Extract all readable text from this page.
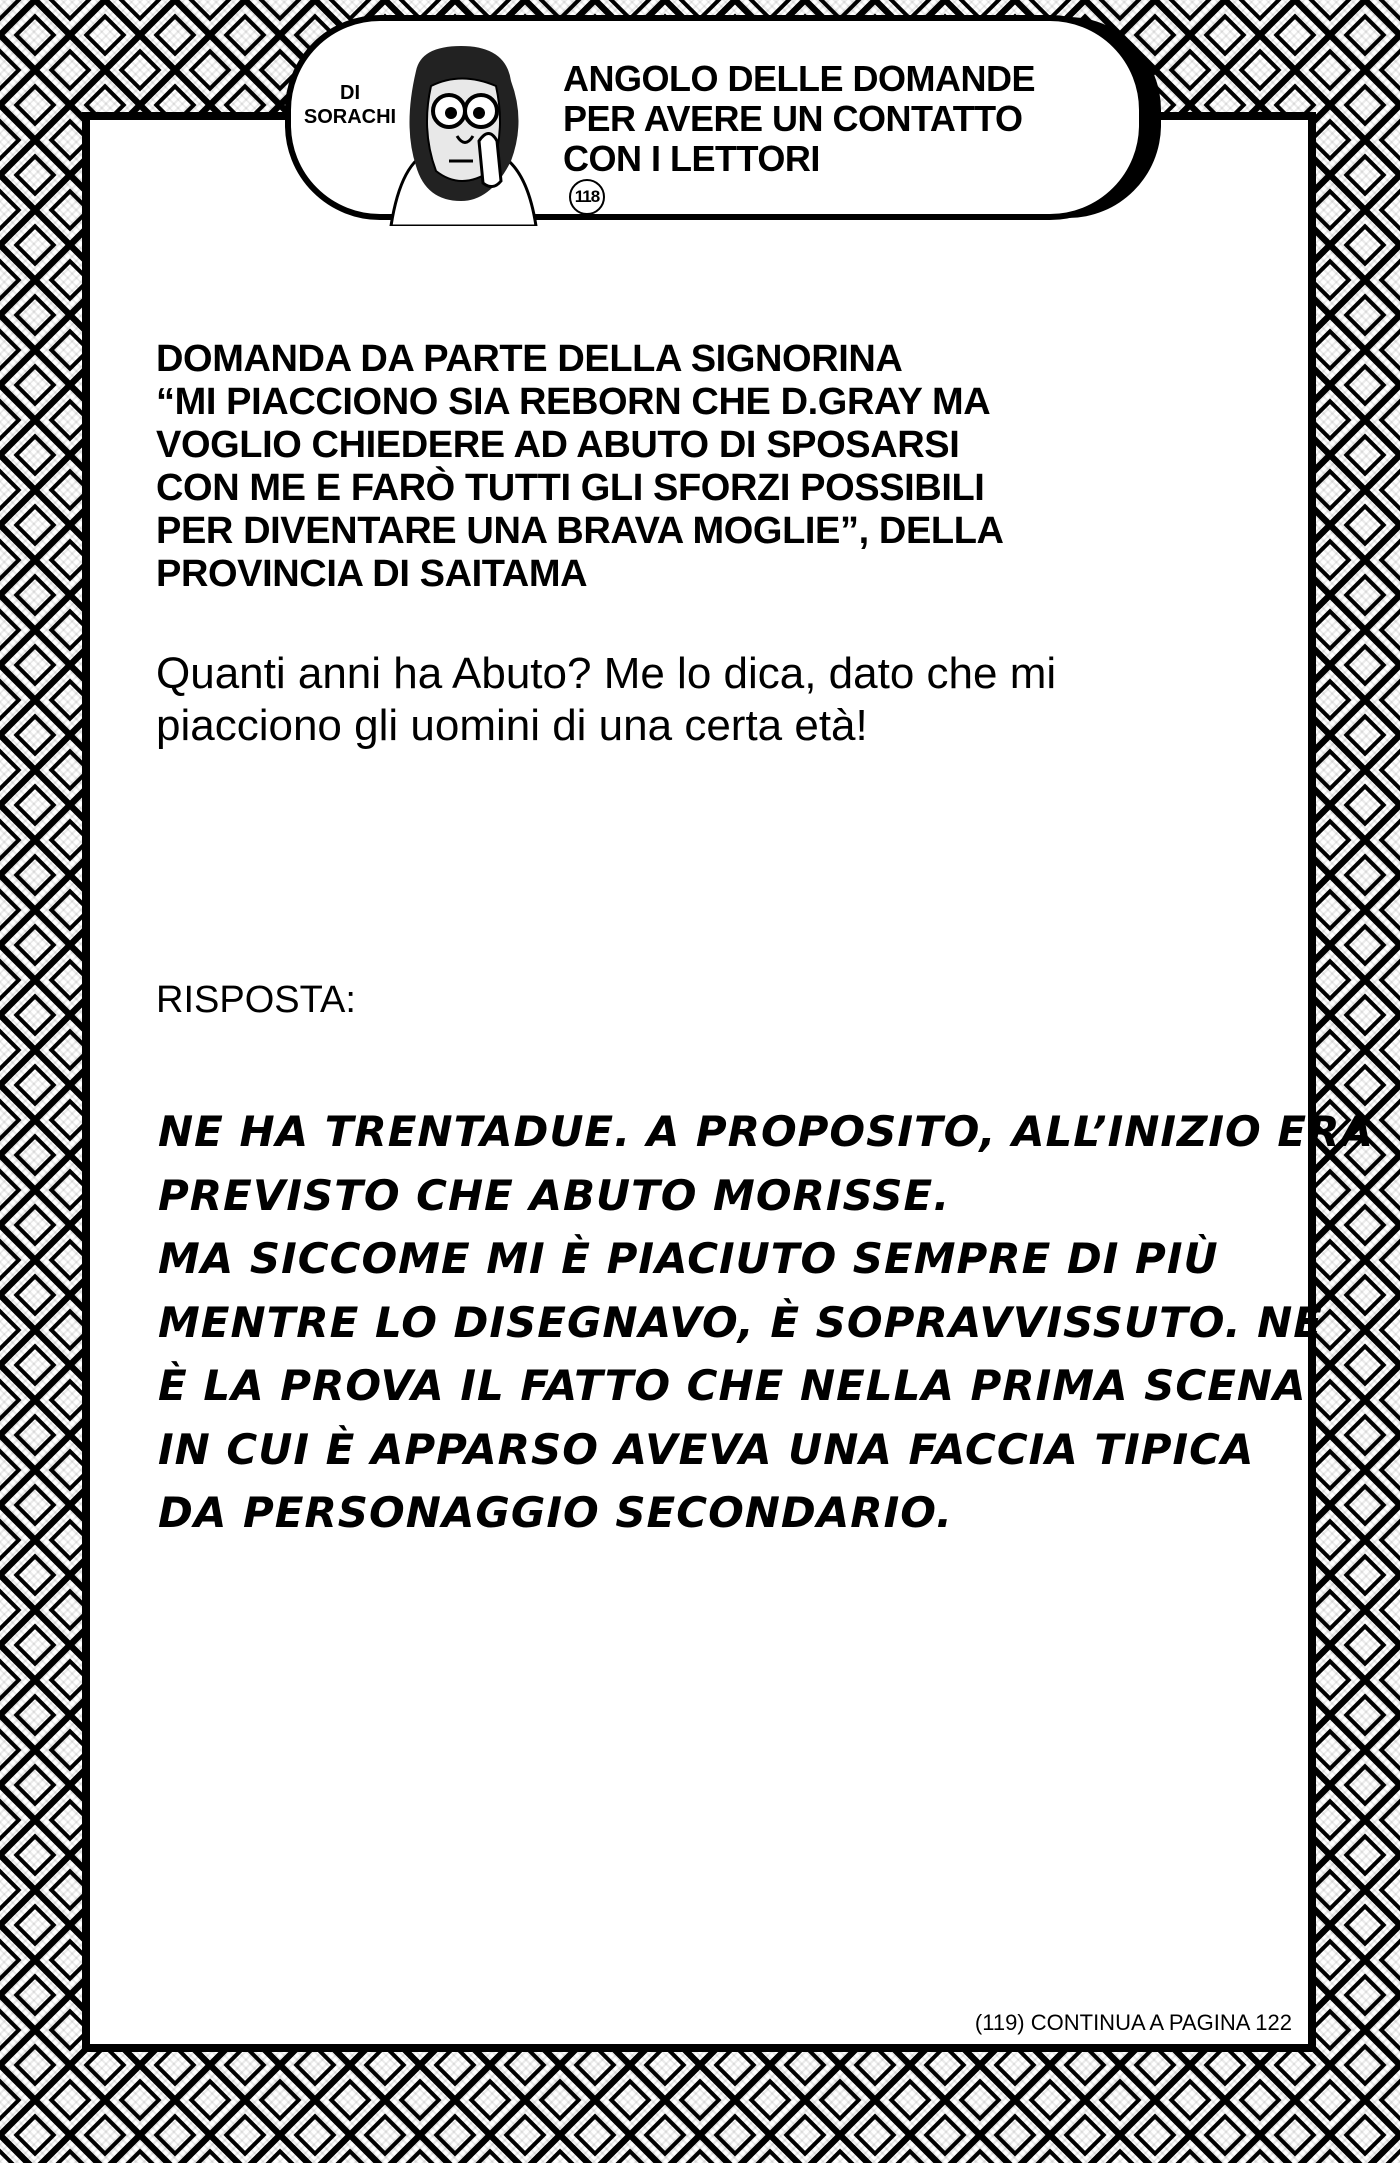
DI
SORACHI
ANGOLO DELLE DOMANDE
PER AVERE UN CONTATTO
CON I LETTORI
118
DOMANDA DA PARTE DELLA SIGNORINA
“MI PIACCIONO SIA REBORN CHE D.GRAY MA
VOGLIO CHIEDERE AD ABUTO DI SPOSARSI
CON ME E FARÒ TUTTI GLI SFORZI POSSIBILI
PER DIVENTARE UNA BRAVA MOGLIE”, DELLA
PROVINCIA DI SAITAMA
Quanti anni ha Abuto? Me lo dica, dato che mi
piacciono gli uomini di una certa età!
RISPOSTA:
NE HA TRENTADUE. A PROPOSITO, ALL’INIZIO ERA
PREVISTO CHE ABUTO MORISSE.
MA SICCOME MI È PIACIUTO SEMPRE DI PIÙ
MENTRE LO DISEGNAVO, È SOPRAVVISSUTO. NE
È LA PROVA IL FATTO CHE NELLA PRIMA SCENA
IN CUI È APPARSO AVEVA UNA FACCIA TIPICA
DA PERSONAGGIO SECONDARIO.
(119) CONTINUA A PAGINA 122
